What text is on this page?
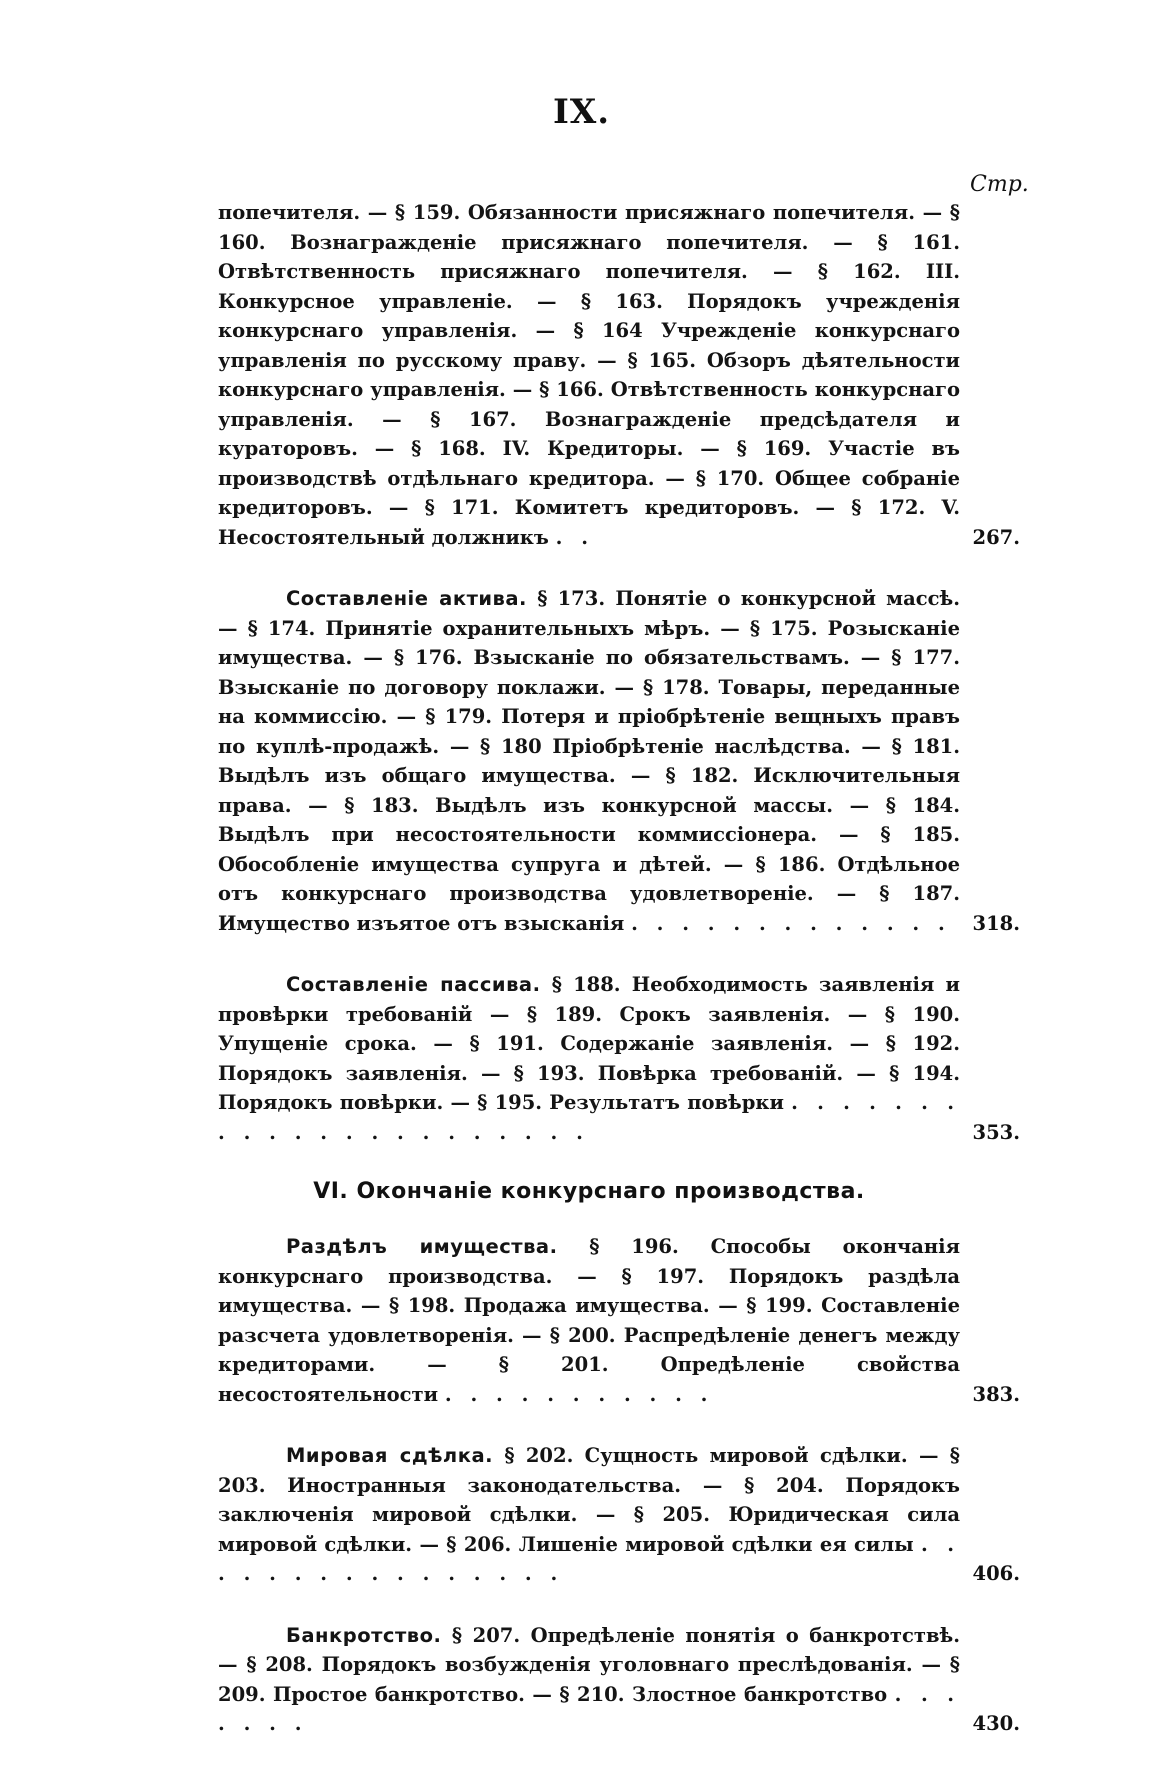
IX.
Стр.

попечителя. — § 159. Обязанности присяжнаго попечителя. — § 160. Вознагражденіе присяжнаго попечителя. — § 161. Отвѣтственность присяжнаго попечителя. — § 162. III. Конкурсное управленіе. — § 163. Порядокъ учрежденія конкурснаго управленія. — § 164 Учрежденіе конкурснаго управленія по русскому праву. — § 165. Обзоръ дѣятельности конкурснаго управленія. — § 166. Отвѣтственность конкурснаго управленія. — § 167. Вознагражденіе предсѣдателя и кураторовъ. — § 168. IV. Кредиторы. — § 169. Участіе въ производствѣ отдѣльнаго кредитора. — § 170. Общее собраніе кредиторовъ. — § 171. Комитетъ кредиторовъ. — § 172. V. Несостоятельный должникъ . .	267.

Составленіе актива. § 173. Понятіе о конкурсной массѣ. — § 174. Принятіе охранительныхъ мѣръ. — § 175. Розысканіе имущества. — § 176. Взысканіе по обязательствамъ. — § 177. Взысканіе по договору поклажи. — § 178. Товары, переданные на коммиссію. — § 179. Потеря и пріобрѣтеніе вещныхъ правъ по куплѣ-продажѣ. — § 180 Пріобрѣтеніе наслѣдства. — § 181. Выдѣлъ изъ общаго имущества. — § 182. Исключительныя права. — § 183. Выдѣлъ изъ конкурсной массы. — § 184. Выдѣлъ при несостоятельности коммиссіонера. — § 185. Обособленіе имущества супруга и дѣтей. — § 186. Отдѣльное отъ конкурснаго производства удовлетвореніе. — § 187. Имущество изъятое отъ взысканія . . . . . . . . . . . . .	318.

Составленіе пассива. § 188. Необходимость заявленія и провѣрки требованій — § 189. Срокъ заявленія. — § 190. Упущеніе срока. — § 191. Содержаніе заявленія. — § 192. Порядокъ заявленія. — § 193. Повѣрка требованій. — § 194. Порядокъ повѣрки. — § 195. Результатъ повѣрки . . . . . . . . . . . . . . . . . . . . . .	353.
VI. Окончаніе конкурснаго производства.

Раздѣлъ имущества. § 196. Способы окончанія конкурснаго производства. — § 197. Порядокъ раздѣла имущества. — § 198. Продажа имущества. — § 199. Составленіе разсчета удовлетворенія. — § 200. Распредѣленіе денегъ между кредиторами. — § 201. Опредѣленіе свойства несостоятельности . . . . . . . . . . .	383.

Мировая сдѣлка. § 202. Сущность мировой сдѣлки. — § 203. Иностранныя законодательства. — § 204. Порядокъ заключенія мировой сдѣлки. — § 205. Юридическая сила мировой сдѣлки. — § 206. Лишеніе мировой сдѣлки ея силы . . . . . . . . . . . . . . . .	406.

Банкротство. § 207. Опредѣленіе понятія о банкротствѣ. — § 208. Порядокъ возбужденія уголовнаго преслѣдованія. — § 209. Простое банкротство. — § 210. Злостное банкротство . . . . . . .	430.
